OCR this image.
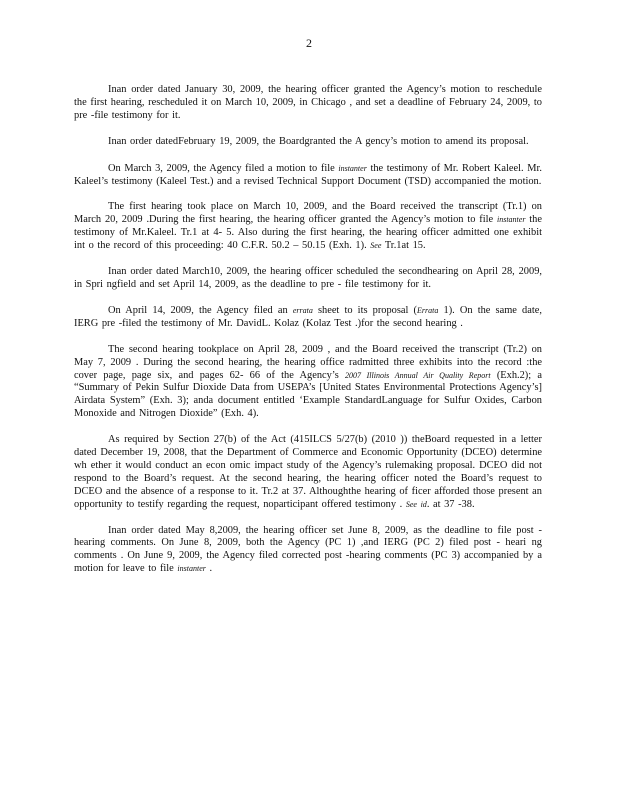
2

Inan order dated January 30, 2009, the hearing officer granted the Agency’s motion to reschedule the first hearing, rescheduled it on March 10, 2009, in Chicago , and set a deadline of February 24, 2009, to pre -file testimony for it.

Inan order datedFebruary 19, 2009, the Boardgranted the A gency’s motion to amend its proposal.

On March 3, 2009, the Agency filed a motion to file instanter the testimony of Mr. Robert Kaleel. Mr. Kaleel’s testimony (Kaleel Test.) and a revised Technical Support Document (TSD) accompanied the motion.

The first hearing took place on March 10, 2009, and the Board received the transcript (Tr.1) on March 20, 2009 .During the first hearing, the hearing officer granted the Agency’s motion to file instanter the testimony of Mr.Kaleel. Tr.1 at 4- 5. Also during the first hearing, the hearing officer admitted one exhibit int o the record of this proceeding: 40 C.F.R. 50.2 – 50.15 (Exh. 1). See Tr.1at 15.

Inan order dated March10, 2009, the hearing officer scheduled the secondhearing on April 28, 2009, in Spri ngfield and set April 14, 2009, as the deadline to pre - file testimony for it.

On April 14, 2009, the Agency filed an errata sheet to its proposal (Errata 1). On the same date, IERG pre -filed the testimony of Mr. DavidL. Kolaz (Kolaz Test .)for the second hearing .

The second hearing tookplace on April 28, 2009 , and the Board received the transcript (Tr.2) on May 7, 2009 . During the second hearing, the hearing office radmitted three exhibits into the record :the cover page, page six, and pages 62- 66 of the Agency’s 2007 Illinois Annual Air Quality Report (Exh.2); a “Summary of Pekin Sulfur Dioxide Data from USEPA’s [United States Environmental Protections Agency’s] Airdata System” (Exh. 3); anda document entitled ‘Example StandardLanguage for Sulfur Oxides, Carbon Monoxide and Nitrogen Dioxide” (Exh. 4).

As required by Section 27(b) of the Act (415ILCS 5/27(b) (2010 )) theBoard requested in a letter dated December 19, 2008, that the Department of Commerce and Economic Opportunity (DCEO) determine wh ether it would conduct an econ omic impact study of the Agency’s rulemaking proposal. DCEO did not respond to the Board’s request. At the second hearing, the hearing officer noted the Board’s request to DCEO and the absence of a response to it. Tr.2 at 37. Althoughthe hearing of ficer afforded those present an opportunity to testify regarding the request, noparticipant offered testimony . See id. at 37 -38.

Inan order dated May 8,2009, the hearing officer set June 8, 2009, as the deadline to file post -hearing comments. On June 8, 2009, both the Agency (PC 1) ,and IERG (PC 2) filed post - heari ng comments . On June 9, 2009, the Agency filed corrected post -hearing comments (PC 3) accompanied by a motion for leave to file instanter .
